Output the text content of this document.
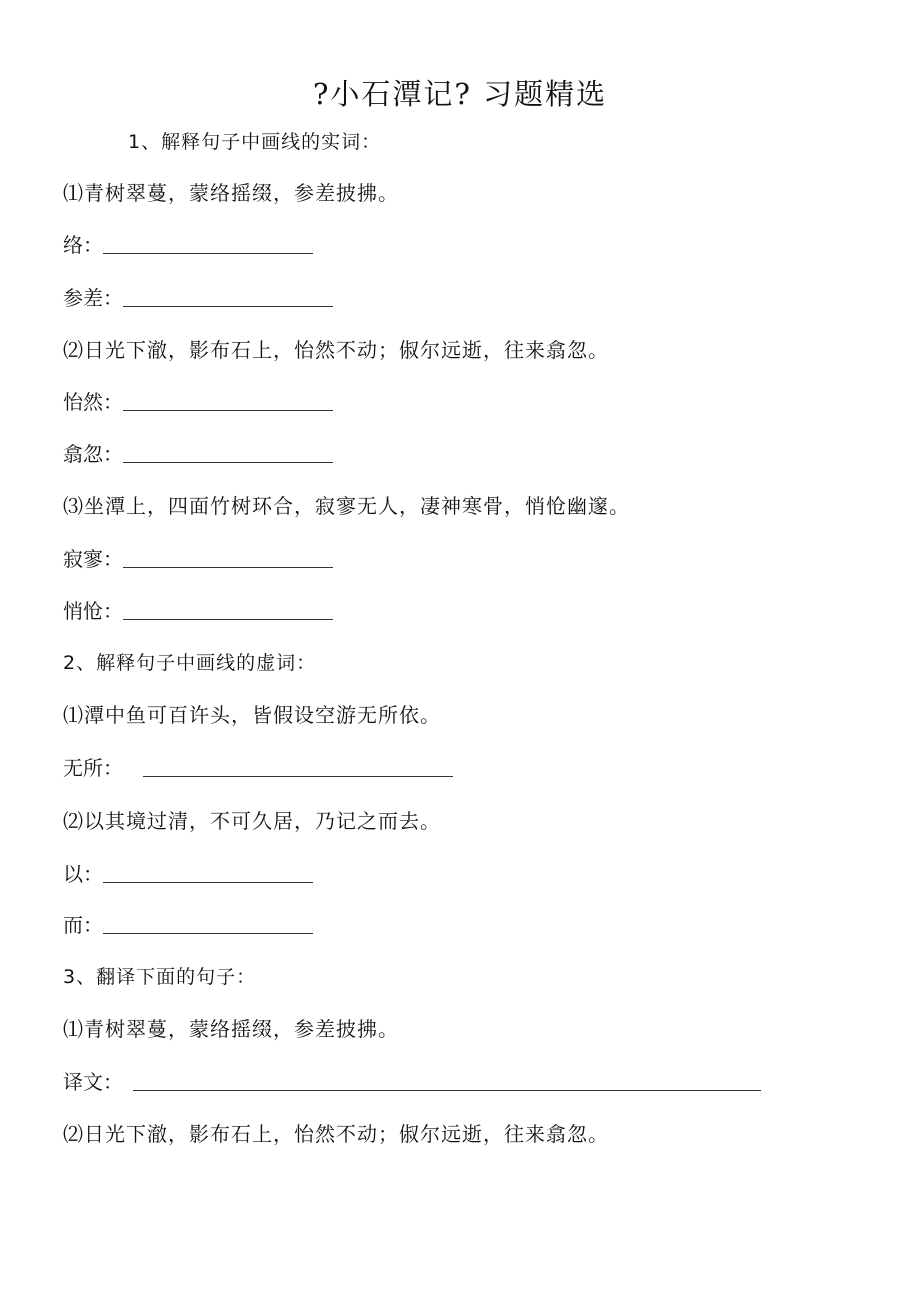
?小石潭记? 习题精选
1、解释句子中画线的实词：
⑴青树翠蔓，蒙络摇缀，参差披拂。
络：
参差：
⑵日光下澈，影布石上，怡然不动；俶尔远逝，往来翕忽。
怡然：
翕忽：
⑶坐潭上，四面竹树环合，寂寥无人，凄神寒骨，悄怆幽邃。
寂寥：
悄怆：
2、解释句子中画线的虚词：
⑴潭中鱼可百许头，皆假设空游无所依。
无所：
⑵以其境过清，不可久居，乃记之而去。
以：
而：
3、翻译下面的句子：
⑴青树翠蔓，蒙络摇缀，参差披拂。
译文：
⑵日光下澈，影布石上，怡然不动；俶尔远逝，往来翕忽。
